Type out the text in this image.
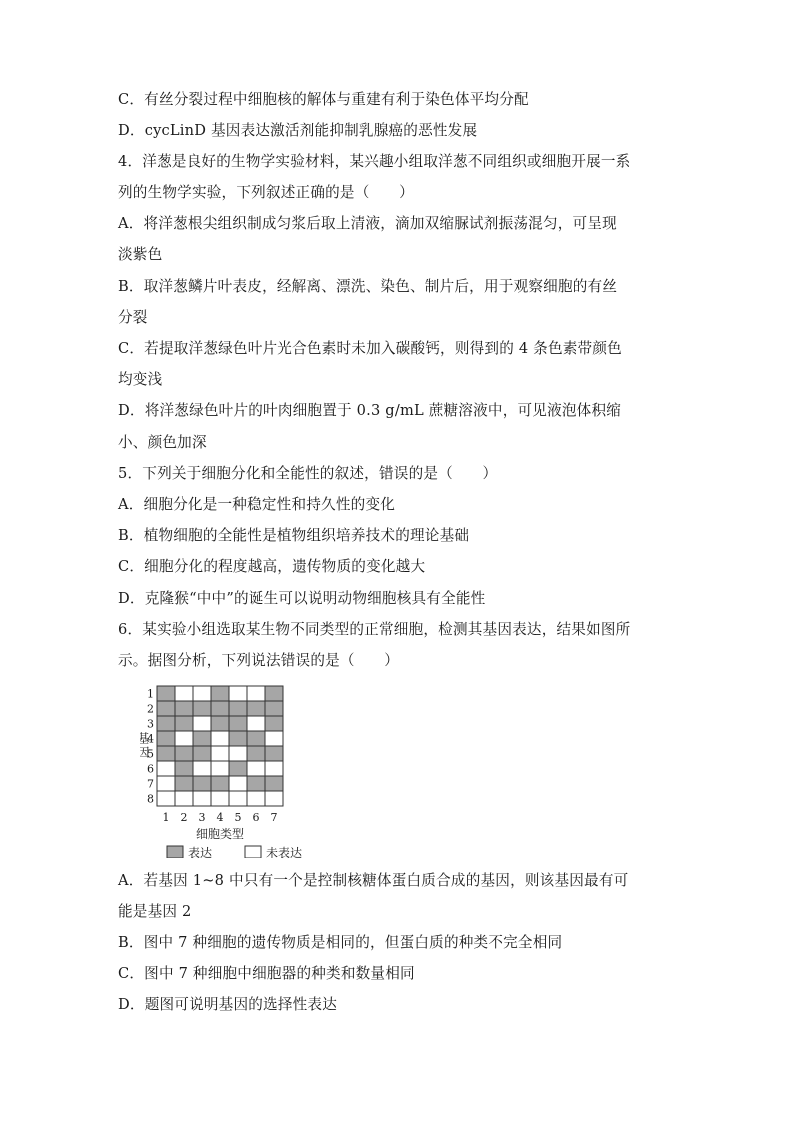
C．有丝分裂过程中细胞核的解体与重建有利于染色体平均分配
D．cycLinD 基因表达激活剂能抑制乳腺癌的恶性发展
4．洋葱是良好的生物学实验材料，某兴趣小组取洋葱不同组织或细胞开展一系
列的生物学实验，下列叙述正确的是（　　）
A．将洋葱根尖组织制成匀浆后取上清液，滴加双缩脲试剂振荡混匀，可呈现
淡紫色
B．取洋葱鳞片叶表皮，经解离、漂洗、染色、制片后，用于观察细胞的有丝
分裂
C．若提取洋葱绿色叶片光合色素时未加入碳酸钙，则得到的 4 条色素带颜色
均变浅
D．将洋葱绿色叶片的叶肉细胞置于 0.3 g/mL 蔗糖溶液中，可见液泡体积缩
小、颜色加深
5．下列关于细胞分化和全能性的叙述，错误的是（　　）
A．细胞分化是一种稳定性和持久性的变化
B．植物细胞的全能性是植物组织培养技术的理论基础
C．细胞分化的程度越高，遗传物质的变化越大
D．克隆猴“中中”的诞生可以说明动物细胞核具有全能性
6．某实验小组选取某生物不同类型的正常细胞，检测其基因表达，结果如图所
示。据图分析，下列说法错误的是（　　）
A．若基因 1~8 中只有一个是控制核糖体蛋白质合成的基因，则该基因最有可
能是基因 2
B．图中 7 种细胞的遗传物质是相同的，但蛋白质的种类不完全相同
C．图中 7 种细胞中细胞器的种类和数量相同
D．题图可说明基因的选择性表达
1
2
3
4
5
6
7
8
1 2 3 4 5 6 7
基因
细胞类型
表达	未表达
